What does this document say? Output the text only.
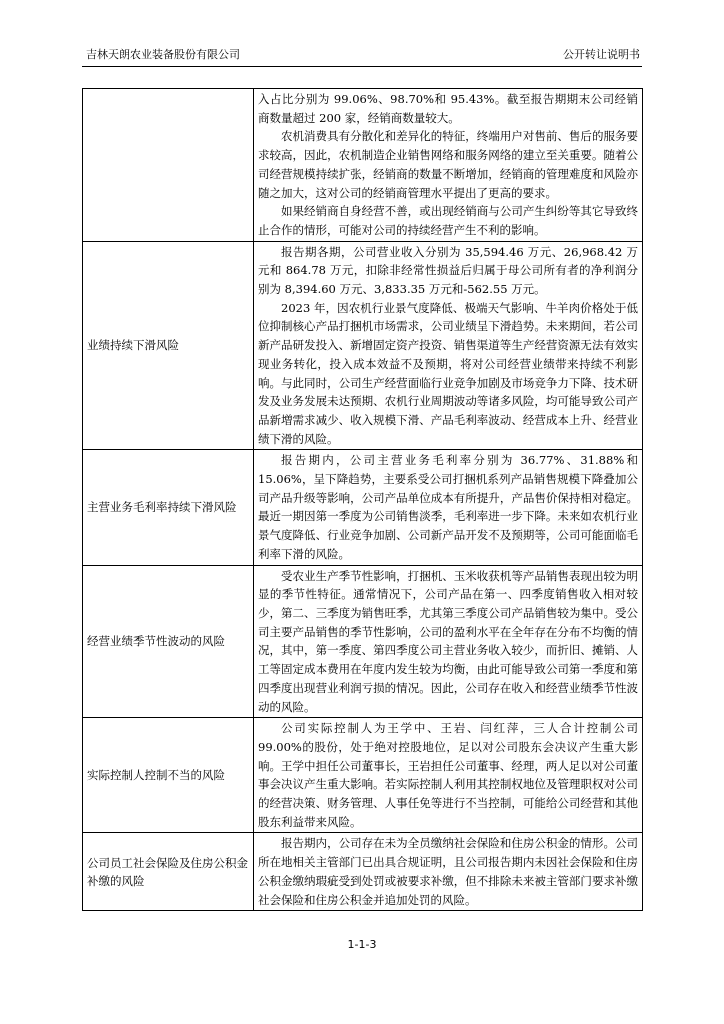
吉林天朗农业装备股份有限公司	公开转让说明书

	入占比分别为 99.06%、98.70%和 95.43%。截至报告期期末公司经销商数量超过 200 家，经销商数量较大。

农机消费具有分散化和差异化的特征，终端用户对售前、售后的服务要求较高，因此，农机制造企业销售网络和服务网络的建立至关重要。随着公司经营规模持续扩张，经销商的数量不断增加，经销商的管理难度和风险亦随之加大，这对公司的经销商管理水平提出了更高的要求。

如果经销商自身经营不善，或出现经销商与公司产生纠纷等其它导致终止合作的情形，可能对公司的持续经营产生不利的影响。

业绩持续下滑风险	报告期各期，公司营业收入分别为 35,594.46 万元、26,968.42 万元和 864.78 万元，扣除非经常性损益后归属于母公司所有者的净利润分别为 8,394.60 万元、3,833.35 万元和-562.55 万元。

2023 年，因农机行业景气度降低、极端天气影响、牛羊肉价格处于低位抑制核心产品打捆机市场需求，公司业绩呈下滑趋势。未来期间，若公司新产品研发投入、新增固定资产投资、销售渠道等生产经营资源无法有效实现业务转化，投入成本效益不及预期，将对公司经营业绩带来持续不利影响。与此同时，公司生产经营面临行业竞争加剧及市场竞争力下降、技术研发及业务发展未达预期、农机行业周期波动等诸多风险，均可能导致公司产品新増需求减少、收入规模下滑、产品毛利率波动、经营成本上升、经营业绩下滑的风险。

主营业务毛利率持续下滑风险	报告期内，公司主营业务毛利率分别为 36.77%、31.88%和 15.06%，呈下降趋势，主要系受公司打捆机系列产品销售规模下降叠加公司产品升级等影响，公司产品单位成本有所提升，产品售价保持相对稳定。最近一期因第一季度为公司销售淡季，毛利率进一步下降。未来如农机行业景气度降低、行业竞争加剧、公司新产品开发不及预期等，公司可能面临毛利率下滑的风险。

经营业绩季节性波动的风险	受农业生产季节性影响，打捆机、玉米收获机等产品销售表现出较为明显的季节性特征。通常情况下，公司产品在第一、四季度销售收入相对较少，第二、三季度为销售旺季，尤其第三季度公司产品销售较为集中。受公司主要产品销售的季节性影响，公司的盈利水平在全年存在分布不均衡的情况，其中，第一季度、第四季度公司主营业务收入较少，而折旧、摊销、人工等固定成本费用在年度内发生较为均衡，由此可能导致公司第一季度和第四季度出现营业利润亏损的情况。因此，公司存在收入和经营业绩季节性波动的风险。

实际控制人控制不当的风险	公司实际控制人为王学中、王岩、闫红萍，三人合计控制公司 99.00%的股份，处于绝对控股地位，足以对公司股东会决议产生重大影响。王学中担任公司董事长，王岩担任公司董事、经理，两人足以对公司董事会决议产生重大影响。若实际控制人利用其控制权地位及管理职权对公司的经营决策、财务管理、人事任免等进行不当控制，可能给公司经营和其他股东利益带来风险。

公司员工社会保险及住房公积金补缴的风险	报告期内，公司存在未为全员缴纳社会保险和住房公积金的情形。公司所在地相关主管部门已出具合规证明，且公司报告期内未因社会保险和住房公积金缴纳瑕疵受到处罚或被要求补缴，但不排除未来被主管部门要求补缴社会保险和住房公积金并追加处罚的风险。

1-1-3
